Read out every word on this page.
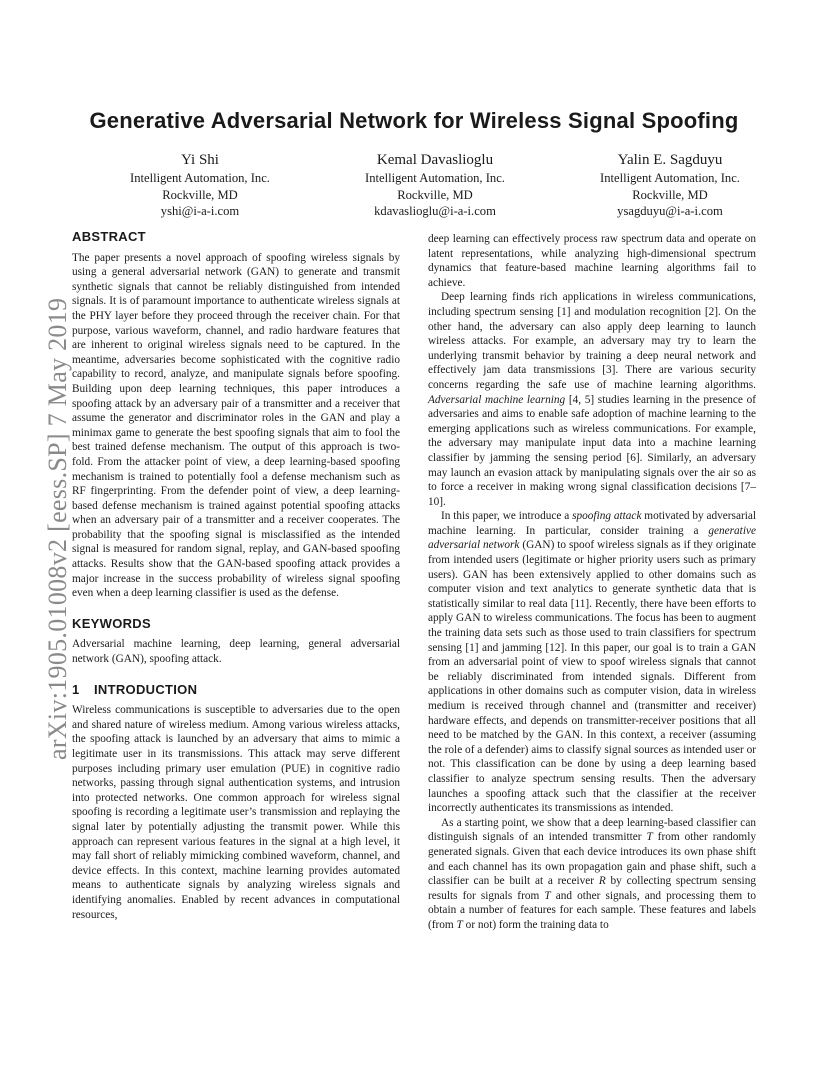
arXiv:1905.01008v2 [eess.SP] 7 May 2019
Generative Adversarial Network for Wireless Signal Spoofing
Yi Shi
Intelligent Automation, Inc.
Rockville, MD
yshi@i-a-i.com
Kemal Davaslioglu
Intelligent Automation, Inc.
Rockville, MD
kdavaslioglu@i-a-i.com
Yalin E. Sagduyu
Intelligent Automation, Inc.
Rockville, MD
ysagduyu@i-a-i.com
ABSTRACT

The paper presents a novel approach of spoofing wireless signals by using a general adversarial network (GAN) to generate and transmit synthetic signals that cannot be reliably distinguished from intended signals. It is of paramount importance to authenticate wireless signals at the PHY layer before they proceed through the receiver chain. For that purpose, various waveform, channel, and radio hardware features that are inherent to original wireless signals need to be captured. In the meantime, adversaries become sophisticated with the cognitive radio capability to record, analyze, and manipulate signals before spoofing. Building upon deep learning techniques, this paper introduces a spoofing attack by an adversary pair of a transmitter and a receiver that assume the generator and discriminator roles in the GAN and play a minimax game to generate the best spoofing signals that aim to fool the best trained defense mechanism. The output of this approach is two-fold. From the attacker point of view, a deep learning-based spoofing mechanism is trained to potentially fool a defense mechanism such as RF fingerprinting. From the defender point of view, a deep learning-based defense mechanism is trained against potential spoofing attacks when an adversary pair of a transmitter and a receiver cooperates. The probability that the spoofing signal is misclassified as the intended signal is measured for random signal, replay, and GAN-based spoofing attacks. Results show that the GAN-based spoofing attack provides a major increase in the success probability of wireless signal spoofing even when a deep learning classifier is used as the defense.

KEYWORDS

Adversarial machine learning, deep learning, general adversarial network (GAN), spoofing attack.

1 INTRODUCTION

Wireless communications is susceptible to adversaries due to the open and shared nature of wireless medium. Among various wireless attacks, the spoofing attack is launched by an adversary that aims to mimic a legitimate user in its transmissions. This attack may serve different purposes including primary user emulation (PUE) in cognitive radio networks, passing through signal authentication systems, and intrusion into protected networks. One common approach for wireless signal spoofing is recording a legitimate user’s transmission and replaying the signal later by potentially adjusting the transmit power. While this approach can represent various features in the signal at a high level, it may fall short of reliably mimicking combined waveform, channel, and device effects. In this context, machine learning provides automated means to authenticate signals by analyzing wireless signals and identifying anomalies. Enabled by recent advances in computational resources,

deep learning can effectively process raw spectrum data and operate on latent representations, while analyzing high-dimensional spectrum dynamics that feature-based machine learning algorithms fail to achieve.

Deep learning finds rich applications in wireless communications, including spectrum sensing [1] and modulation recognition [2]. On the other hand, the adversary can also apply deep learning to launch wireless attacks. For example, an adversary may try to learn the underlying transmit behavior by training a deep neural network and effectively jam data transmissions [3]. There are various security concerns regarding the safe use of machine learning algorithms. Adversarial machine learning [4, 5] studies learning in the presence of adversaries and aims to enable safe adoption of machine learning to the emerging applications such as wireless communications. For example, the adversary may manipulate input data into a machine learning classifier by jamming the sensing period [6]. Similarly, an adversary may launch an evasion attack by manipulating signals over the air so as to force a receiver in making wrong signal classification decisions [7–10].

In this paper, we introduce a spoofing attack motivated by adversarial machine learning. In particular, consider training a generative adversarial network (GAN) to spoof wireless signals as if they originate from intended users (legitimate or higher priority users such as primary users). GAN has been extensively applied to other domains such as computer vision and text analytics to generate synthetic data that is statistically similar to real data [11]. Recently, there have been efforts to apply GAN to wireless communications. The focus has been to augment the training data sets such as those used to train classifiers for spectrum sensing [1] and jamming [12]. In this paper, our goal is to train a GAN from an adversarial point of view to spoof wireless signals that cannot be reliably discriminated from intended signals. Different from applications in other domains such as computer vision, data in wireless medium is received through channel and (transmitter and receiver) hardware effects, and depends on transmitter-receiver positions that all need to be matched by the GAN. In this context, a receiver (assuming the role of a defender) aims to classify signal sources as intended user or not. This classification can be done by using a deep learning based classifier to analyze spectrum sensing results. Then the adversary launches a spoofing attack such that the classifier at the receiver incorrectly authenticates its transmissions as intended.

As a starting point, we show that a deep learning-based classifier can distinguish signals of an intended transmitter T from other randomly generated signals. Given that each device introduces its own phase shift and each channel has its own propagation gain and phase shift, such a classifier can be built at a receiver R by collecting spectrum sensing results for signals from T and other signals, and processing them to obtain a number of features for each sample. These features and labels (from T or not) form the training data to
